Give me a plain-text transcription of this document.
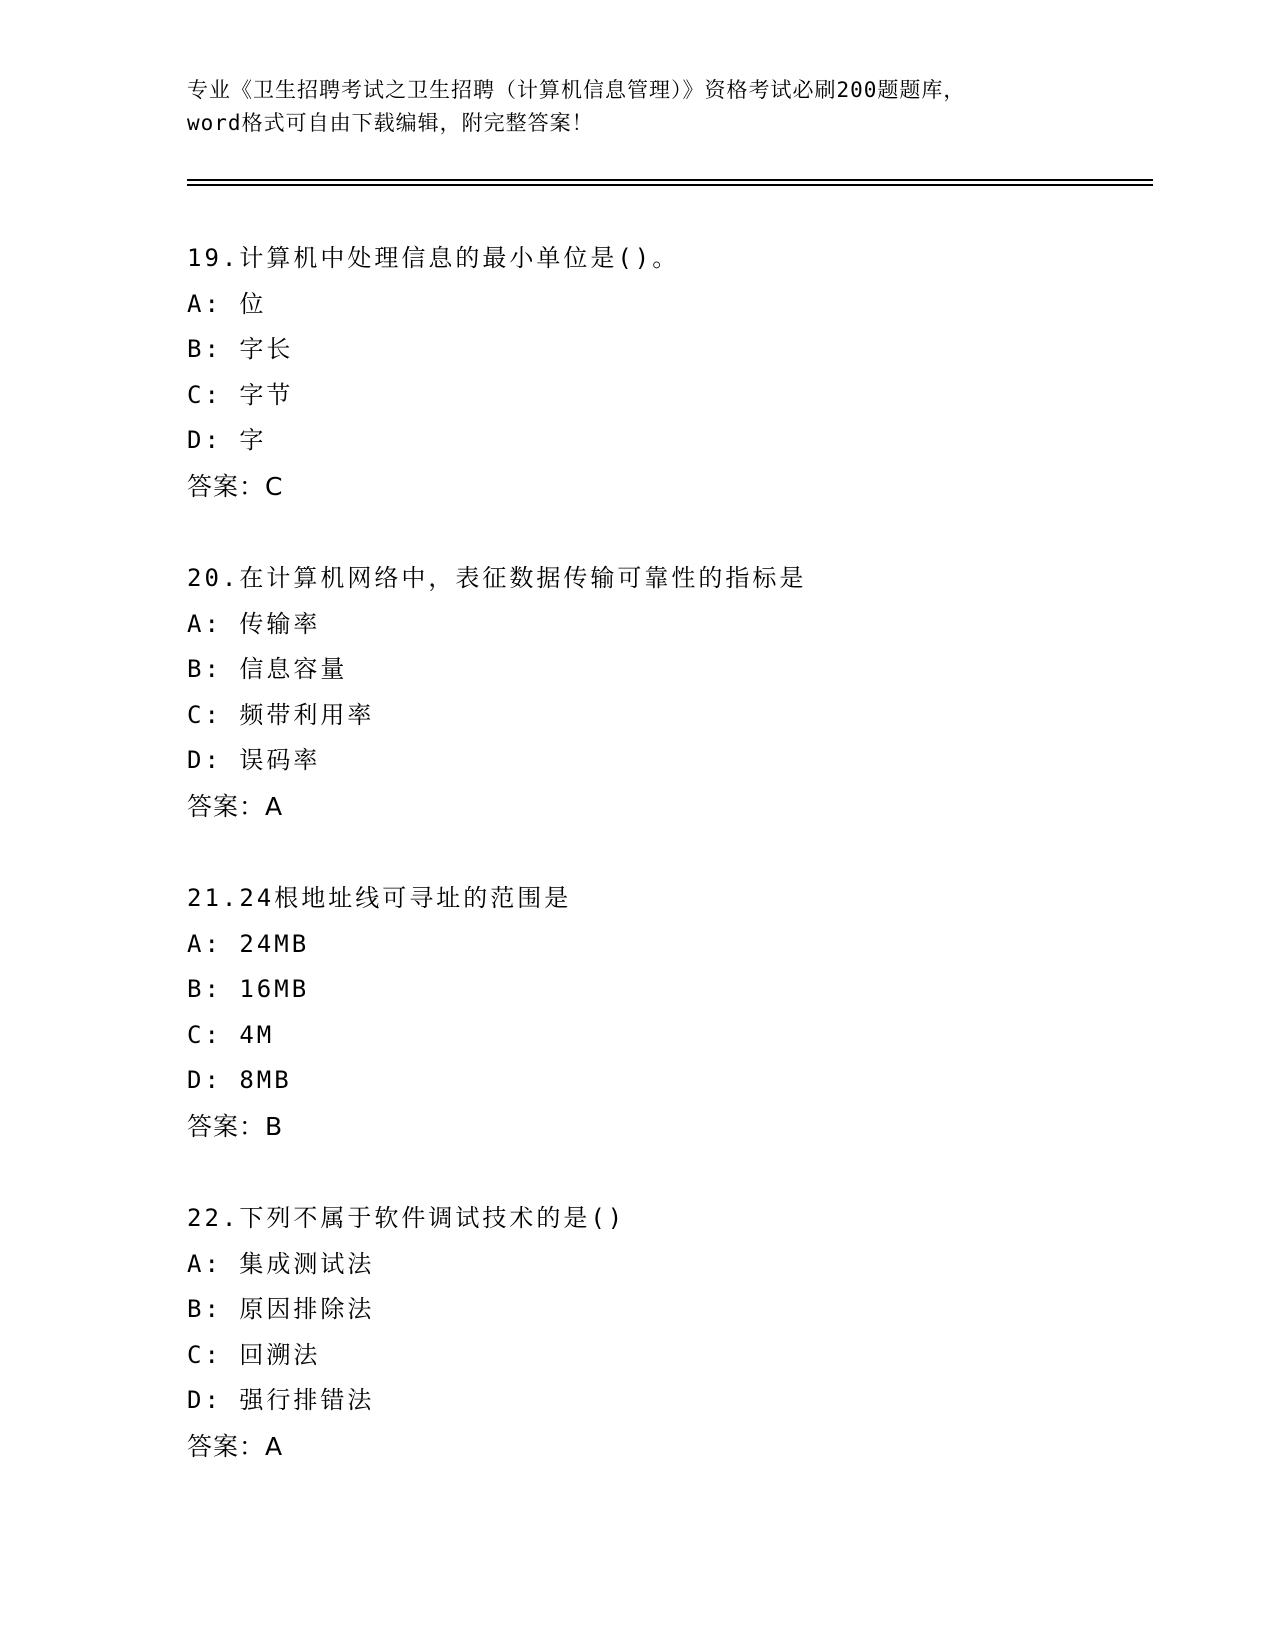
专业《卫生招聘考试之卫生招聘（计算机信息管理）》资格考试必刷200题题库，
word格式可自由下载编辑，附完整答案！
19.计算机中处理信息的最小单位是()。
A: 位
B: 字长
C: 字节
D: 字
答案：C
20.在计算机网络中，表征数据传输可靠性的指标是
A: 传输率
B: 信息容量
C: 频带利用率
D: 误码率
答案：A
21.24根地址线可寻址的范围是
A: 24MB
B: 16MB
C: 4M
D: 8MB
答案：B
22.下列不属于软件调试技术的是()
A: 集成测试法
B: 原因排除法
C: 回溯法
D: 强行排错法
答案：A
